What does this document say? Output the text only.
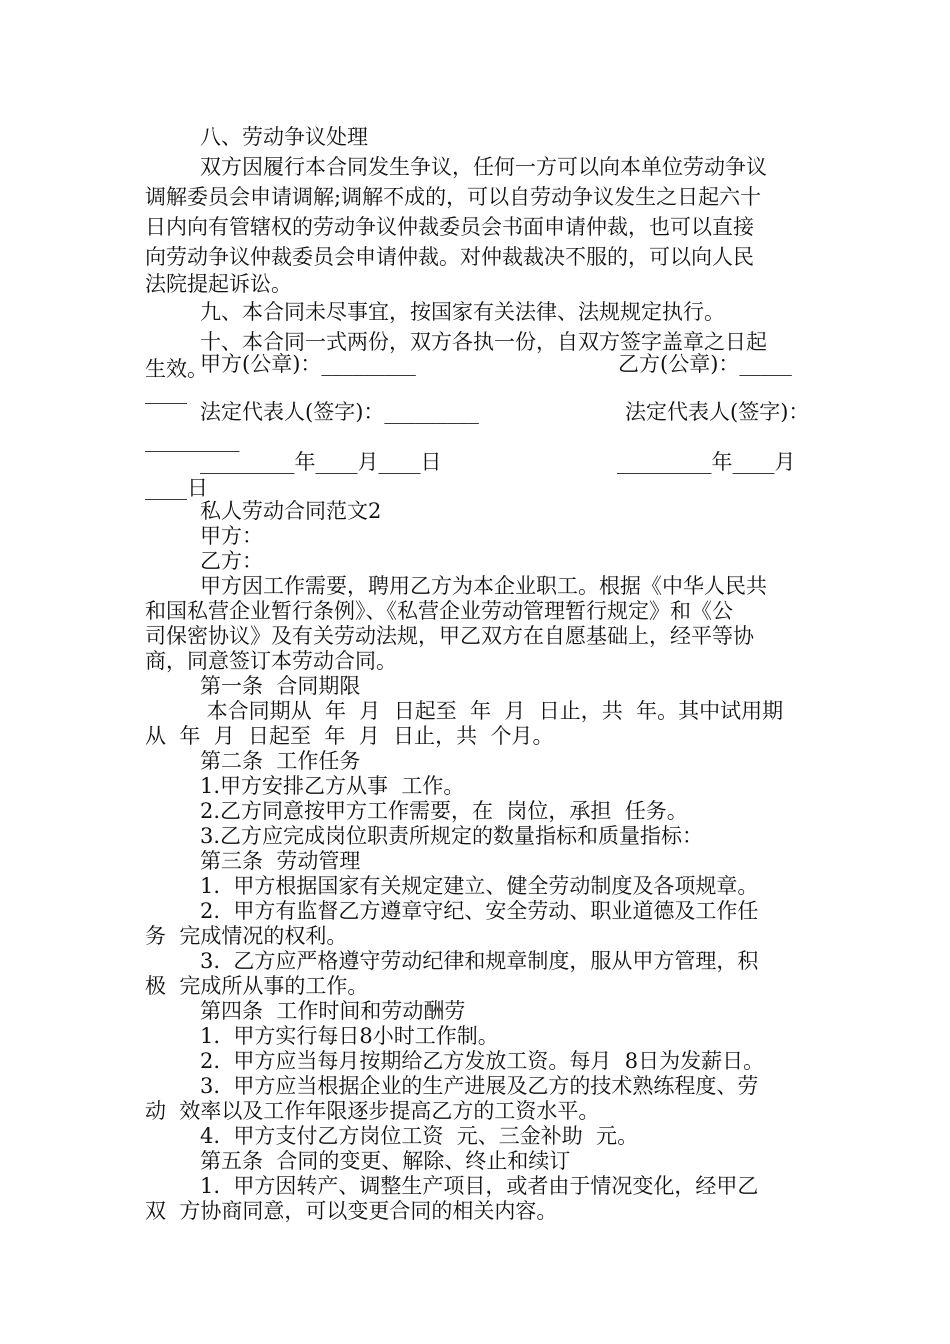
八、劳动争议处理

双方因履行本合同发生争议，任何一方可以向本单位劳动争议

调解委员会申请调解;调解不成的，可以自劳动争议发生之日起六十

日内向有管辖权的劳动争议仲裁委员会书面申请仲裁，也可以直接

向劳动争议仲裁委员会申请仲裁。对仲裁裁决不服的，可以向人民

法院提起诉讼。

九、本合同未尽事宜，按国家有关法律、法规规定执行。

十、本合同一式两份，双方各执一份，自双方签字盖章之日起

生效。

甲方(公章)：_________	乙方(公章)：_____
____
法定代表人(签字)：_________	法定代表人(签字)：
_________
_________年____月____日	_________年____月
____日

私人劳动合同范文2

甲方：

乙方：

甲方因工作需要，聘用乙方为本企业职工。根据《中华人民共

和国私营企业暂行条例》、《私营企业劳动管理暂行规定》和《公

司保密协议》及有关劳动法规，甲乙双方在自愿基础上，经平等协

商，同意签订本劳动合同。

第一条  合同期限

本合同期从  年  月  日起至  年  月  日止，共  年。其中试用期

从  年  月  日起至  年  月  日止，共  个月。

第二条  工作任务

1.甲方安排乙方从事  工作。

2.乙方同意按甲方工作需要，在  岗位，承担  任务。

3.乙方应完成岗位职责所规定的数量指标和质量指标：

第三条  劳动管理

1.  甲方根据国家有关规定建立、健全劳动制度及各项规章。

2.  甲方有监督乙方遵章守纪、安全劳动、职业道德及工作任

务  完成情况的权利。

3.  乙方应严格遵守劳动纪律和规章制度，服从甲方管理，积

极  完成所从事的工作。

第四条  工作时间和劳动酬劳

1.  甲方实行每日8小时工作制。

2.  甲方应当每月按期给乙方发放工资。每月  8日为发薪日。

3.  甲方应当根据企业的生产进展及乙方的技术熟练程度、劳

动  效率以及工作年限逐步提高乙方的工资水平。

4.  甲方支付乙方岗位工资  元、三金补助  元。

第五条  合同的变更、解除、终止和续订

1.  甲方因转产、调整生产项目，或者由于情况变化，经甲乙

双  方协商同意，可以变更合同的相关内容。
